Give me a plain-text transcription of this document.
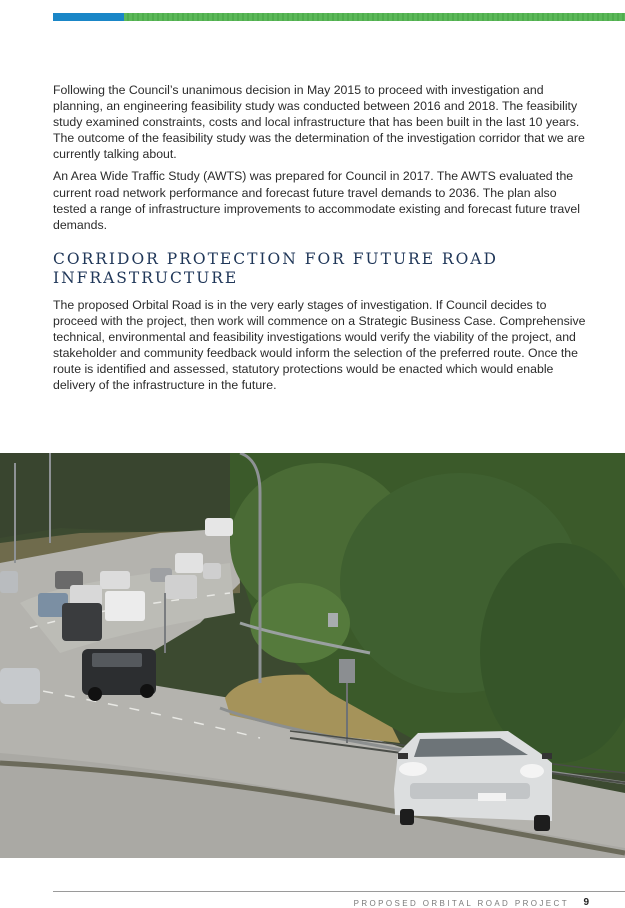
Following the Council’s unanimous decision in May 2015 to proceed with investigation and planning, an engineering feasibility study was conducted between 2016 and 2018. The feasibility study examined constraints, costs and local infrastructure that has been built in the last 10 years. The outcome of the feasibility study was the determination of the investigation corridor that we are currently talking about.

An Area Wide Traffic Study (AWTS) was prepared for Council in 2017. The AWTS evaluated the current road network performance and forecast future travel demands to 2036. The plan also tested a range of infrastructure improvements to accommodate existing and forecast future travel demands.

CORRIDOR PROTECTION FOR FUTURE ROAD INFRASTRUCTURE

The proposed Orbital Road is in the very early stages of investigation. If Council decides to proceed with the project, then work will commence on a Strategic Business Case. Comprehensive technical, environmental and feasibility investigations would verify the viability of the project, and stakeholder and community feedback would inform the selection of the preferred route. Once the route is identified and assessed, statutory protections would be enacted which would enable delivery of the infrastructure in the future.

PROPOSED ORBITAL ROAD PROJECT 9
